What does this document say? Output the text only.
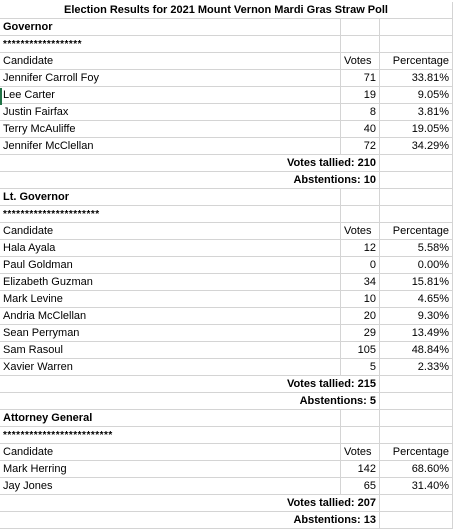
Election Results for 2021 Mount Vernon Mardi Gras Straw Poll
Governor
******************
Candidate	Votes	Percentage
Jennifer Carroll Foy	71	33.81%
Lee Carter	19	9.05%
Justin Fairfax	8	3.81%
Terry McAuliffe	40	19.05%
Jennifer McClellan	72	34.29%
Votes tallied: 210
Abstentions: 10
Lt. Governor
**********************
Candidate	Votes	Percentage
Hala Ayala	12	5.58%
Paul Goldman	0	0.00%
Elizabeth Guzman	34	15.81%
Mark Levine	10	4.65%
Andria McClellan	20	9.30%
Sean Perryman	29	13.49%
Sam Rasoul	105	48.84%
Xavier Warren	5	2.33%
Votes tallied: 215
Abstentions: 5
Attorney General
*************************
Candidate	Votes	Percentage
Mark Herring	142	68.60%
Jay Jones	65	31.40%
Votes tallied: 207
Abstentions: 13
